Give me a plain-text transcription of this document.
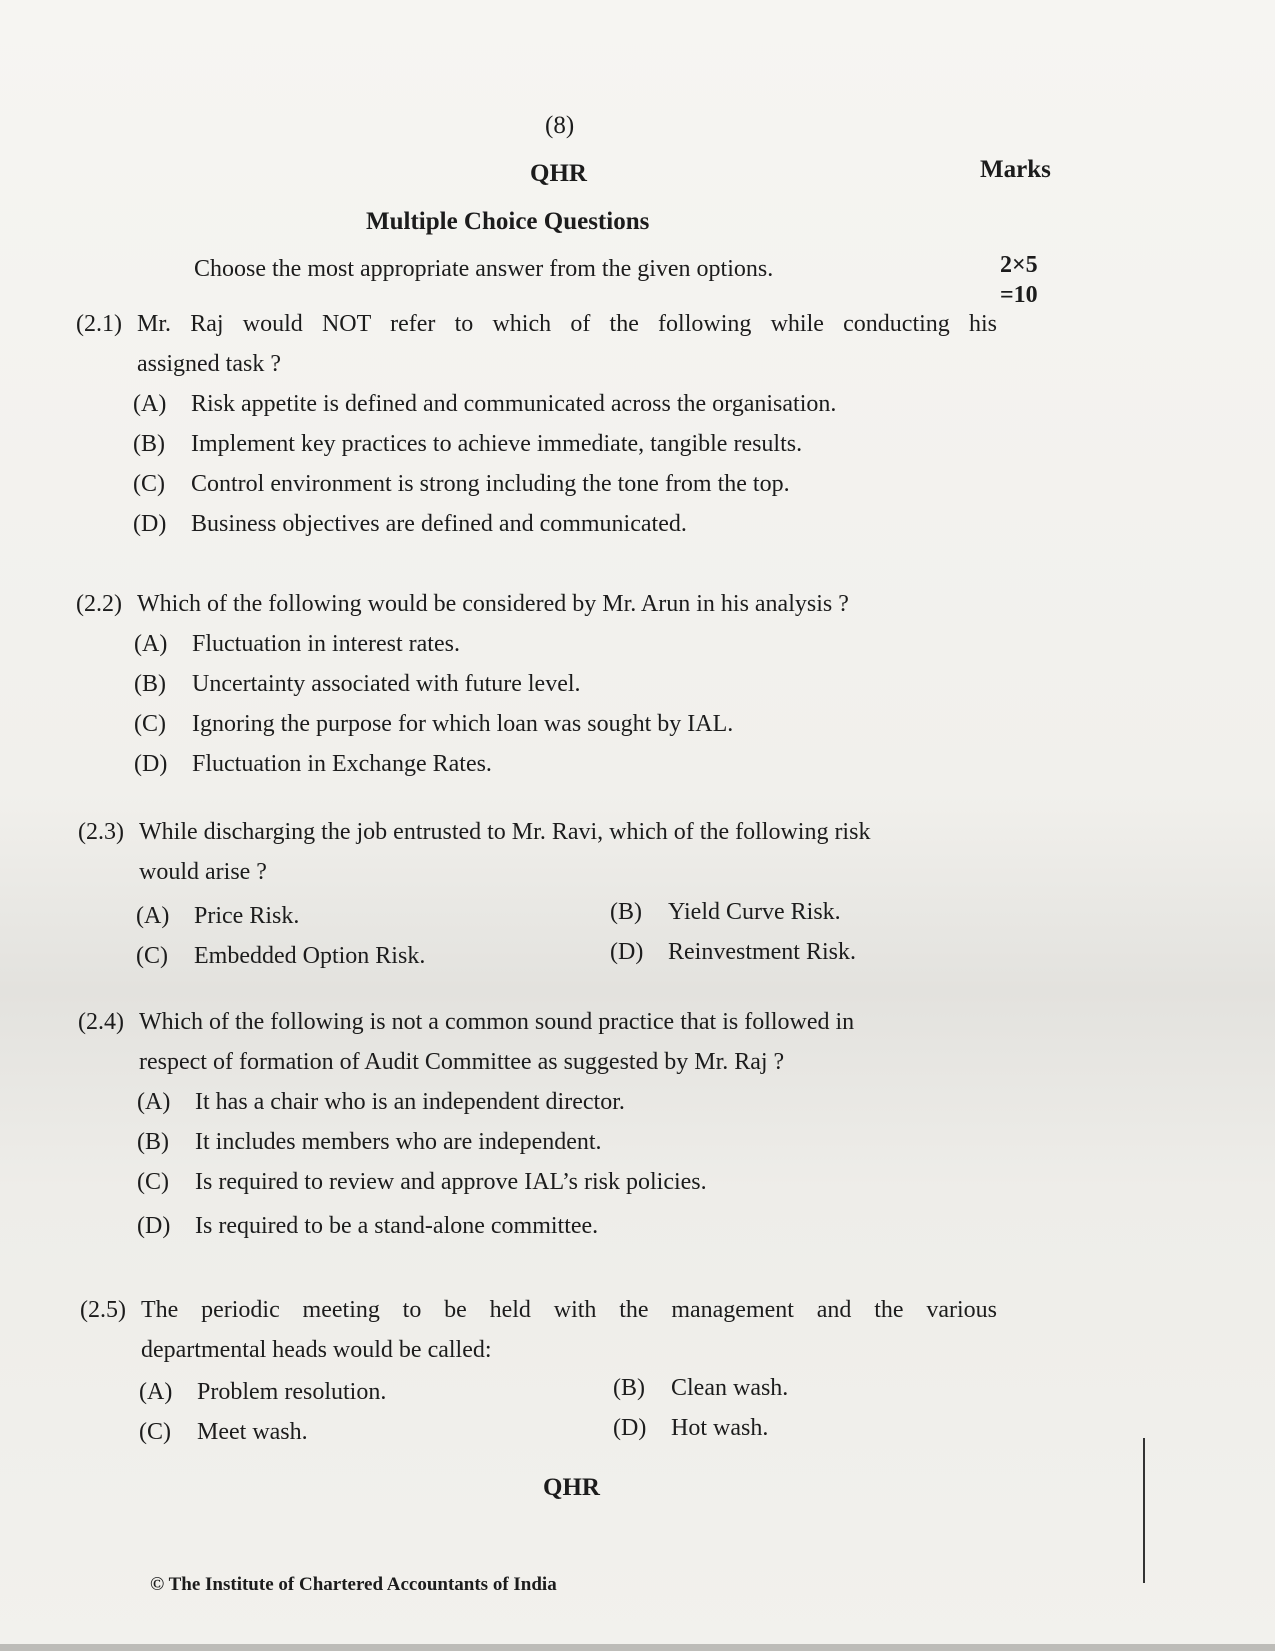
(8)
QHR	Marks
Multiple Choice Questions
Choose the most appropriate answer from the given options.	2×5
=10
(2.1) Mr. Raj would NOT refer to which of the following while conducting his
assigned task ?
(A) Risk appetite is defined and communicated across the organisation.
(B) Implement key practices to achieve immediate, tangible results.
(C) Control environment is strong including the tone from the top.
(D) Business objectives are defined and communicated.
(2.2) Which of the following would be considered by Mr. Arun in his analysis ?
(A) Fluctuation in interest rates.
(B) Uncertainty associated with future level.
(C) Ignoring the purpose for which loan was sought by IAL.
(D) Fluctuation in Exchange Rates.
(2.3) While discharging the job entrusted to Mr. Ravi, which of the following risk
would arise ?
(A) Price Risk.	(B) Yield Curve Risk.
(C) Embedded Option Risk.	(D) Reinvestment Risk.
(2.4) Which of the following is not a common sound practice that is followed in
respect of formation of Audit Committee as suggested by Mr. Raj ?
(A) It has a chair who is an independent director.
(B) It includes members who are independent.
(C) Is required to review and approve IAL’s risk policies.
(D) Is required to be a stand-alone committee.
(2.5) The periodic meeting to be held with the management and the various
departmental heads would be called:
(A) Problem resolution.	(B) Clean wash.
(C) Meet wash.	(D) Hot wash.
QHR
© The Institute of Chartered Accountants of India
